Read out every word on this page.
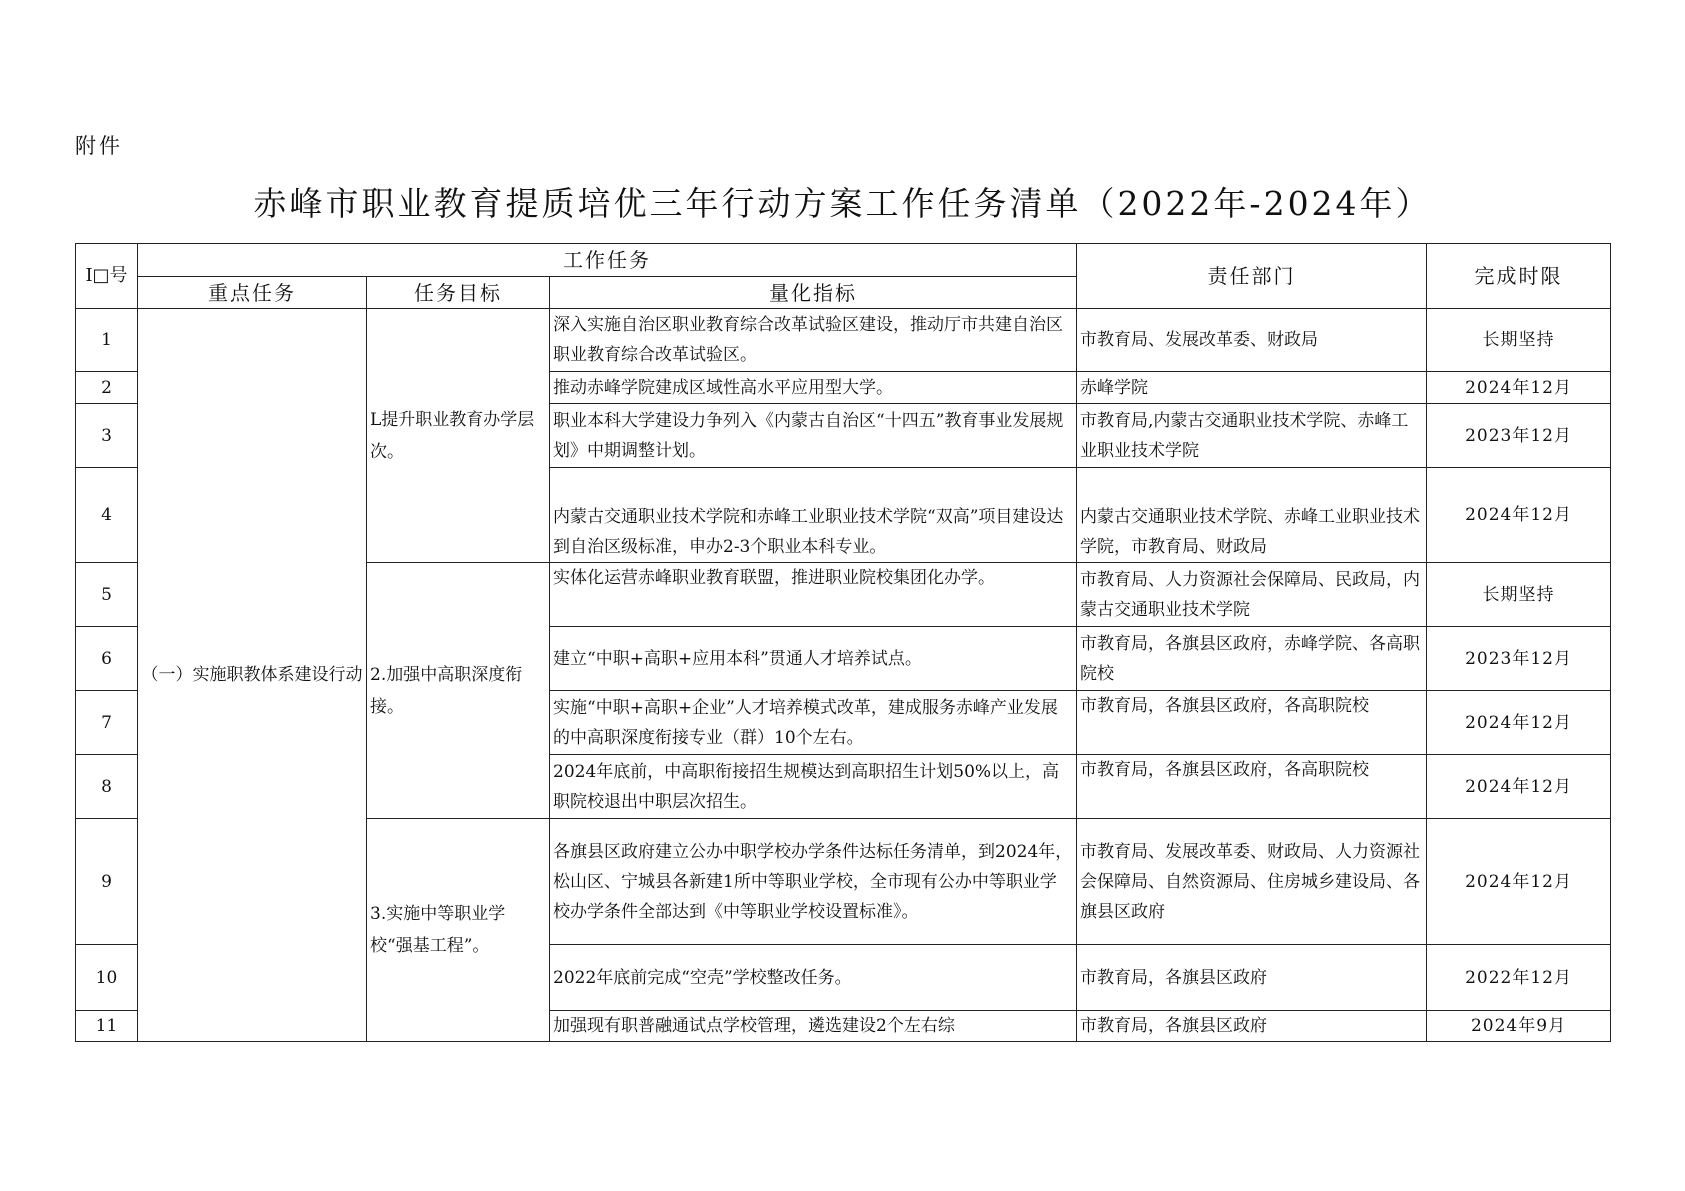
附件
赤峰市职业教育提质培优三年行动方案工作任务清单（2022年-2024年）
I□号	工作任务			责任部门	完成时限
	重点任务	任务目标	量化指标		
1	（一）实施职教体系建设行动	L提升职业教育办学层次。	深入实施自治区职业教育综合改革试验区建设，推动厅市共建自治区职业教育综合改革试验区。	市教育局、发展改革委、财政局	长期坚持
2			推动赤峰学院建成区域性高水平应用型大学。	赤峰学院	2024年12月
3			职业本科大学建设力争列入《内蒙古自治区“十四五”教育事业发展规划》中期调整计划。	市教育局,内蒙古交通职业技术学院、赤峰工业职业技术学院	2023年12月
4			内蒙古交通职业技术学院和赤峰工业职业技术学院“双高”项目建设达到自治区级标准，申办2-3个职业本科专业。	内蒙古交通职业技术学院、赤峰工业职业技术学院，市教育局、财政局	2024年12月
5		2.加强中高职深度衔接。	实体化运营赤峰职业教育联盟，推进职业院校集团化办学。	市教育局、人力资源社会保障局、民政局，内蒙古交通职业技术学院	长期坚持
6			建立“中职+高职+应用本科”贯通人才培养试点。	市教育局，各旗县区政府，赤峰学院、各高职院校	2023年12月
7			实施“中职+高职+企业”人才培养模式改革，建成服务赤峰产业发展的中高职深度衔接专业（群）10个左右。	市教育局，各旗县区政府，各高职院校	2024年12月
8			2024年底前，中高职衔接招生规模达到高职招生计划50%以上，高职院校退出中职层次招生。	市教育局，各旗县区政府，各高职院校	2024年12月
9		3.实施中等职业学校“强基工程”。	各旗县区政府建立公办中职学校办学条件达标任务清单，到2024年，松山区、宁城县各新建1所中等职业学校，全市现有公办中等职业学校办学条件全部达到《中等职业学校设置标准》。	市教育局、发展改革委、财政局、人力资源社会保障局、自然资源局、住房城乡建设局、各旗县区政府	2024年12月
10			2022年底前完成“空壳”学校整改任务。	市教育局，各旗县区政府	2022年12月
11			加强现有职普融通试点学校管理，遴选建设2个左右综	市教育局，各旗县区政府	2024年9月
